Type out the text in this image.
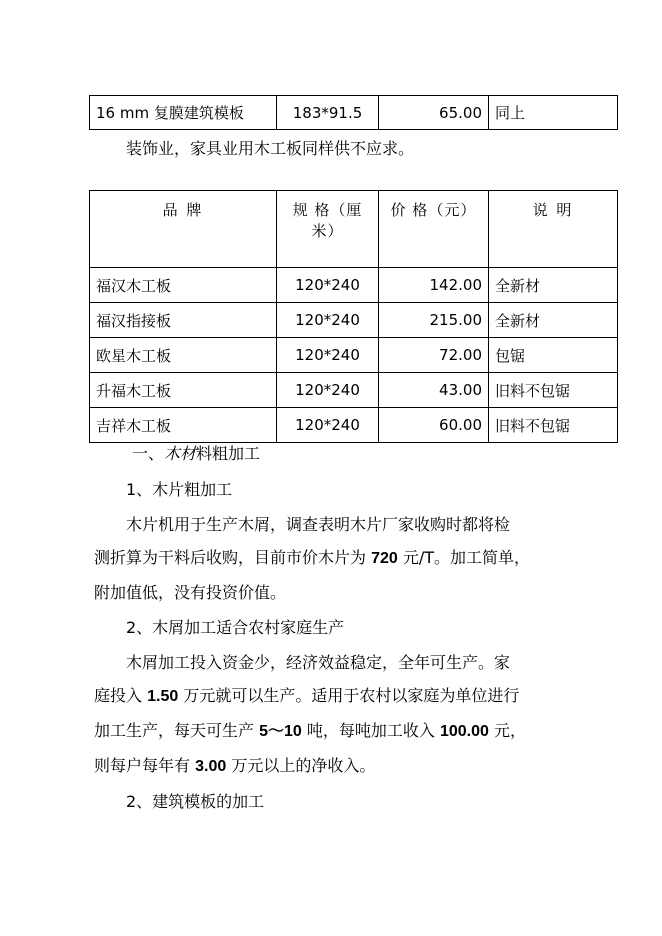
16 mm 复膜建筑模板	183*91.5	65.00	同上
装饰业，家具业用木工板同样供不应求。
品 牌	规 格（厘米）	价 格（元）	说 明
福汉木工板	120*240	142.00	全新材
福汉指接板	120*240	215.00	全新材
欧星木工板	120*240	72.00	包锯
升福木工板	120*240	43.00	旧料不包锯
吉祥木工板	120*240	60.00	旧料不包锯
一、木材料粗加工
1、木片粗加工
木片机用于生产木屑，调查表明木片厂家收购时都将检
测折算为干料后收购，目前市价木片为 720 元/T。加工简单，
附加值低，没有投资价值。
2、木屑加工适合农村家庭生产
木屑加工投入资金少，经济效益稳定，全年可生产。家
庭投入 1.50 万元就可以生产。适用于农村以家庭为单位进行
加工生产，每天可生产 5～10 吨，每吨加工收入 100.00 元，
则每户每年有 3.00 万元以上的净收入。
2、建筑模板的加工
